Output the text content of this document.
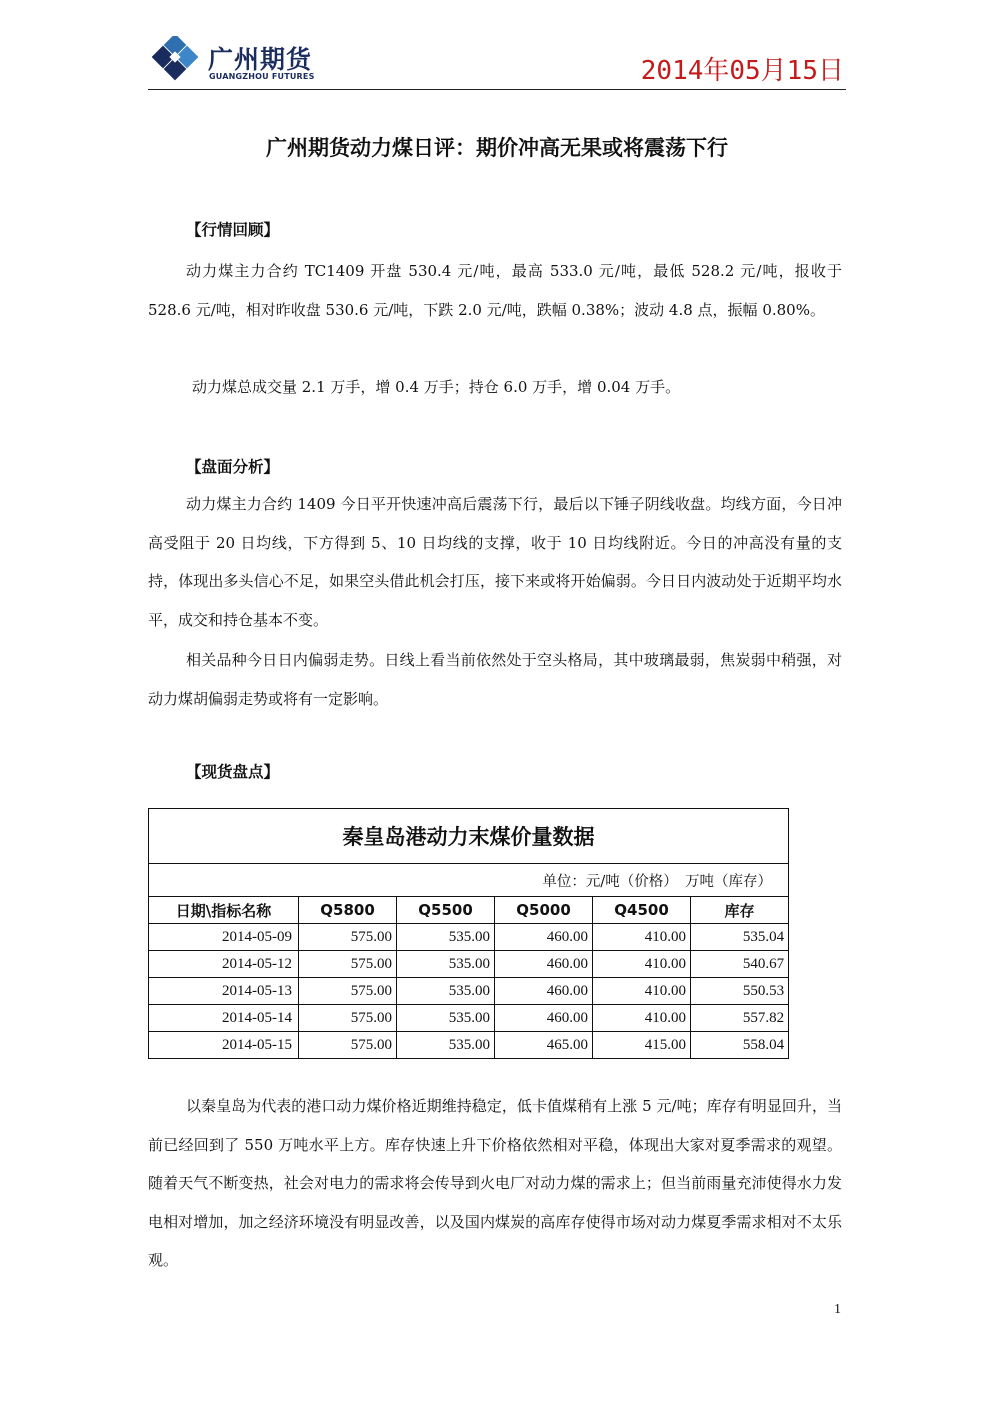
广州期货
GUANGZHOU FUTURES	2014年05月15日
广州期货动力煤日评：期价冲高无果或将震荡下行
【行情回顾】

动力煤主力合约 TC1409 开盘 530.4 元/吨，最高 533.0 元/吨，最低 528.2 元/吨，报收于 528.6 元/吨，相对昨收盘 530.6 元/吨，下跌 2.0 元/吨，跌幅 0.38%；波动 4.8 点，振幅 0.80%。

动力煤总成交量 2.1 万手，增 0.4 万手；持仓 6.0 万手，增 0.04 万手。

【盘面分析】

动力煤主力合约 1409 今日平开快速冲高后震荡下行，最后以下锤子阴线收盘。均线方面，今日冲高受阻于 20 日均线，下方得到 5、10 日均线的支撑，收于 10 日均线附近。今日的冲高没有量的支持，体现出多头信心不足，如果空头借此机会打压，接下来或将开始偏弱。今日日内波动处于近期平均水平，成交和持仓基本不变。

相关品种今日日内偏弱走势。日线上看当前依然处于空头格局，其中玻璃最弱，焦炭弱中稍强，对动力煤胡偏弱走势或将有一定影响。

【现货盘点】
秦皇岛港动力末煤价量数据					
单位：元/吨（价格）　万吨（库存）					
日期\指标名称	Q5800	Q5500	Q5000	Q4500	库存
2014-05-09	575.00	535.00	460.00	410.00	535.04
2014-05-12	575.00	535.00	460.00	410.00	540.67
2014-05-13	575.00	535.00	460.00	410.00	550.53
2014-05-14	575.00	535.00	460.00	410.00	557.82
2014-05-15	575.00	535.00	465.00	415.00	558.04

以秦皇岛为代表的港口动力煤价格近期维持稳定，低卡值煤稍有上涨 5 元/吨；库存有明显回升，当前已经回到了 550 万吨水平上方。库存快速上升下价格依然相对平稳，体现出大家对夏季需求的观望。随着天气不断变热，社会对电力的需求将会传导到火电厂对动力煤的需求上；但当前雨量充沛使得水力发电相对增加，加之经济环境没有明显改善，以及国内煤炭的高库存使得市场对动力煤夏季需求相对不太乐观。

1
